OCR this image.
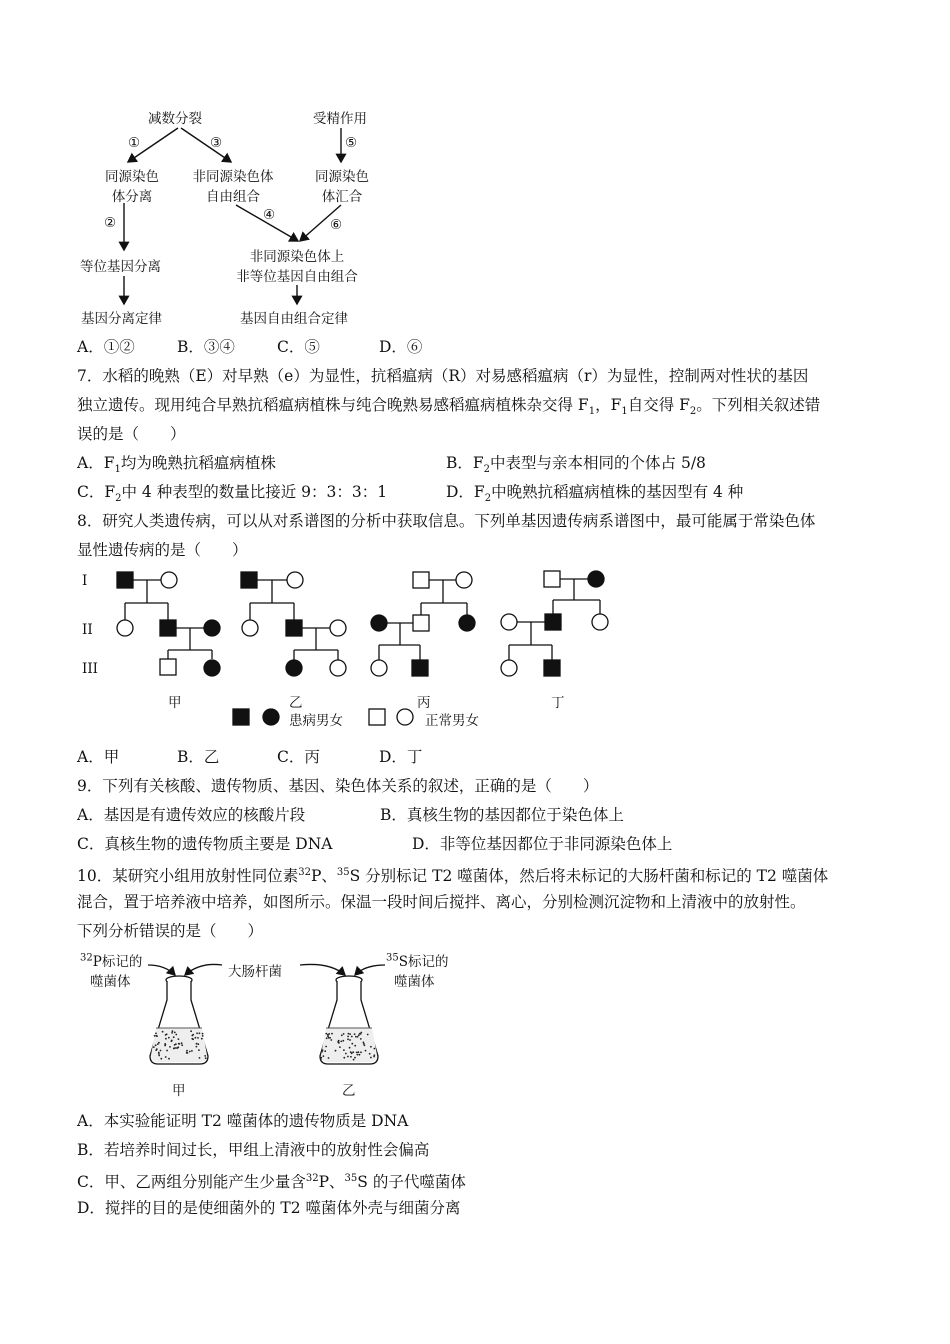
减数分裂	受精作用
同源染色
体分离
非同源染色体
自由组合
同源染色
体汇合
等位基因分离
非同源染色体上
非等位基因自由组合
基因分离定律	基因自由组合定律
①	③	⑤
②	④
⑥
A．①②	B．③④	C．⑤	D．⑥
7．水稻的晚熟（E）对早熟（e）为显性，抗稻瘟病（R）对易感稻瘟病（r）为显性，控制两对性状的基因
独立遗传。现用纯合早熟抗稻瘟病植株与纯合晚熟易感稻瘟病植株杂交得 $F_1$，$F_1$自交得 $F_2$。下列相关叙述错
误的是（　　）
A．$F_1$均为晚熟抗稻瘟病植株	B．$F_2$中表型与亲本相同的个体占 5/8
C．$F_2$中 4 种表型的数量比接近 9：3：3：1	D．$F_2$中晚熟抗稻瘟病植株的基因型有 4 种
8．研究人类遗传病，可以从对系谱图的分析中获取信息。下列单基因遗传病系谱图中，最可能属于常染色体
显性遗传病的是（　　）
I
II
III
甲	乙	丙	丁
患病男女	正常男女
A．甲	B．乙	C．丙	D．丁
9．下列有关核酸、遗传物质、基因、染色体关系的叙述，正确的是（　　）
A．基因是有遗传效应的核酸片段	B．真核生物的基因都位于染色体上
C．真核生物的遗传物质主要是 DNA	D．非等位基因都位于非同源染色体上
10．某研究小组用放射性同位素$^{32}$P、$^{35}$S 分别标记 T2 噬菌体，然后将未标记的大肠杆菌和标记的 T2 噬菌体
混合，置于培养液中培养，如图所示。保温一段时间后搅拌、离心，分别检测沉淀物和上清液中的放射性。
下列分析错误的是（　　）
$^{32}$P标记的
噬菌体
大肠杆菌
$^{35}$S标记的
噬菌体
甲	乙
A．本实验能证明 T2 噬菌体的遗传物质是 DNA
B．若培养时间过长，甲组上清液中的放射性会偏高
C．甲、乙两组分别能产生少量含$^{32}$P、$^{35}$S 的子代噬菌体
D．搅拌的目的是使细菌外的 T2 噬菌体外壳与细菌分离
